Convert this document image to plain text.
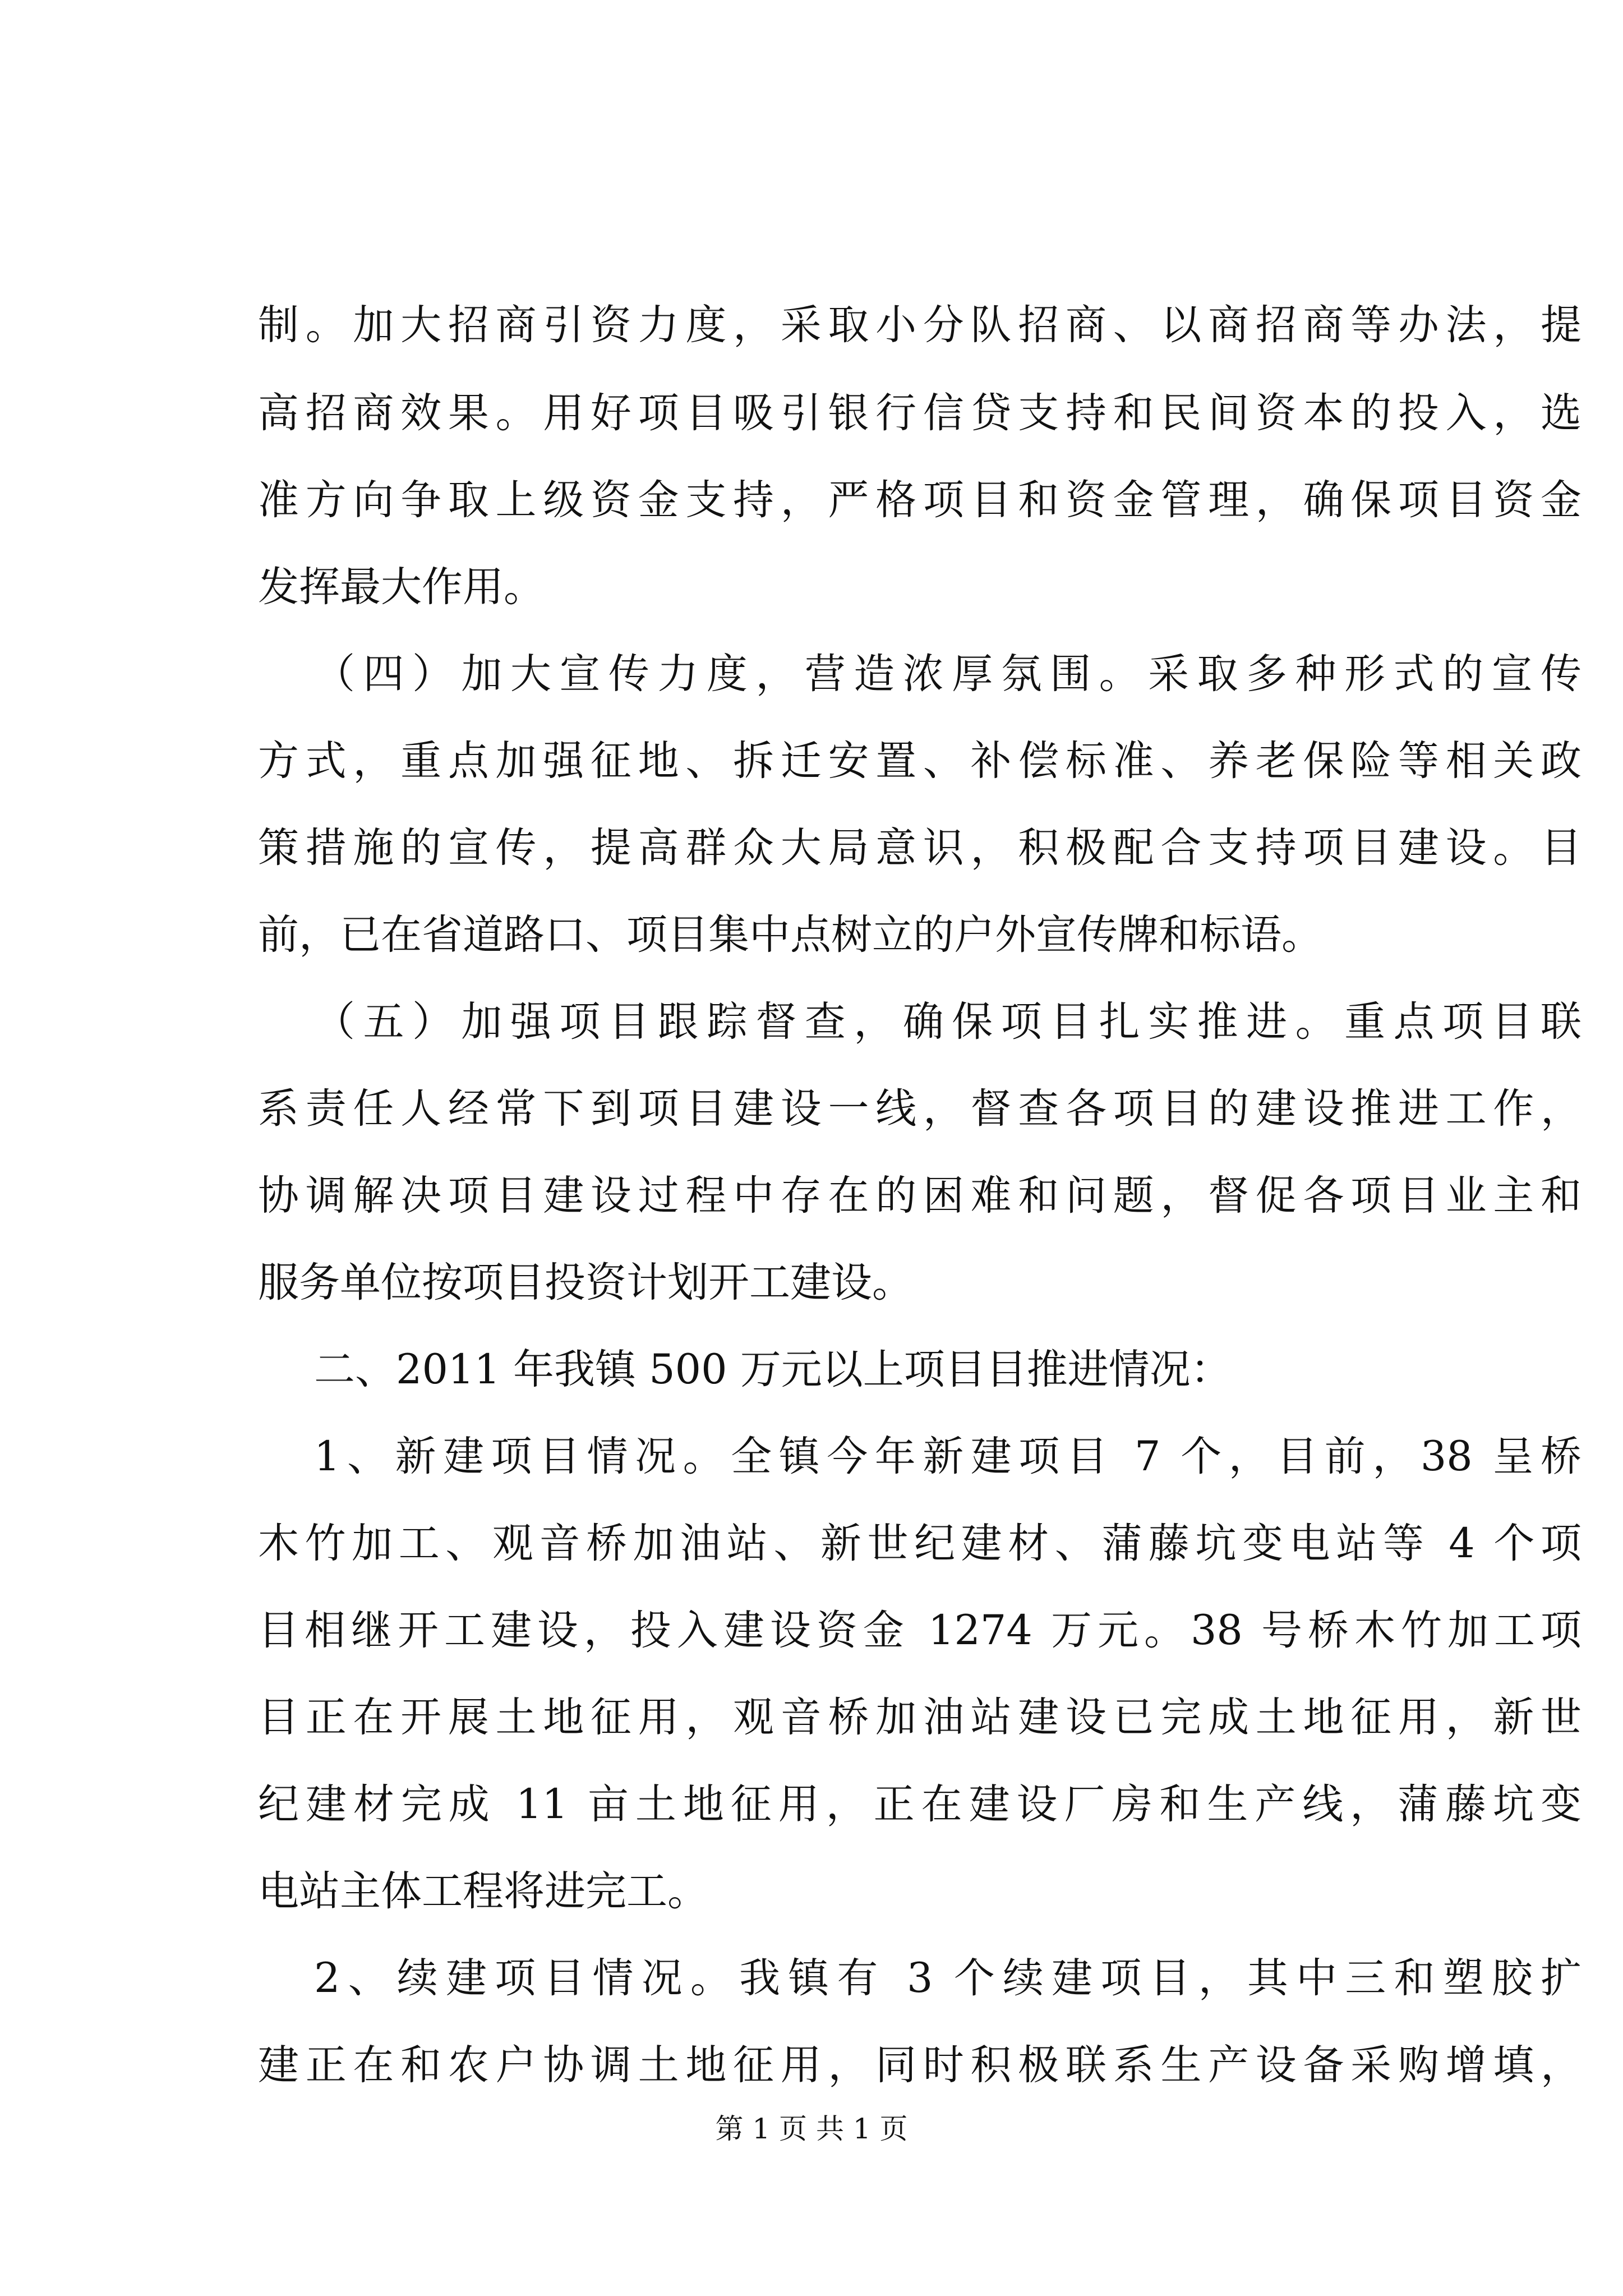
制。加大招商引资力度，采取小分队招商、以商招商等办法，提
高招商效果。用好项目吸引银行信贷支持和民间资本的投入，选
准方向争取上级资金支持，严格项目和资金管理，确保项目资金
发挥最大作用。
（四）加大宣传力度，营造浓厚氛围。采取多种形式的宣传
方式，重点加强征地、拆迁安置、补偿标准、养老保险等相关政
策措施的宣传，提高群众大局意识，积极配合支持项目建设。目
前，已在省道路口、项目集中点树立的户外宣传牌和标语。
（五）加强项目跟踪督查，确保项目扎实推进。重点项目联
系责任人经常下到项目建设一线，督查各项目的建设推进工作，
协调解决项目建设过程中存在的困难和问题，督促各项目业主和
服务单位按项目投资计划开工建设。
二、2011 年我镇 500 万元以上项目目推进情况：
1、新建项目情况。全镇今年新建项目 7 个，目前，38 呈桥
木竹加工、观音桥加油站、新世纪建材、蒲藤坑变电站等 4 个项
目相继开工建设，投入建设资金 1274 万元。38 号桥木竹加工项
目正在开展土地征用，观音桥加油站建设已完成土地征用，新世
纪建材完成 11 亩土地征用，正在建设厂房和生产线，蒲藤坑变
电站主体工程将进完工。
2、续建项目情况。我镇有 3 个续建项目，其中三和塑胶扩
建正在和农户协调土地征用，同时积极联系生产设备采购增填，
第 1 页 共 1 页
